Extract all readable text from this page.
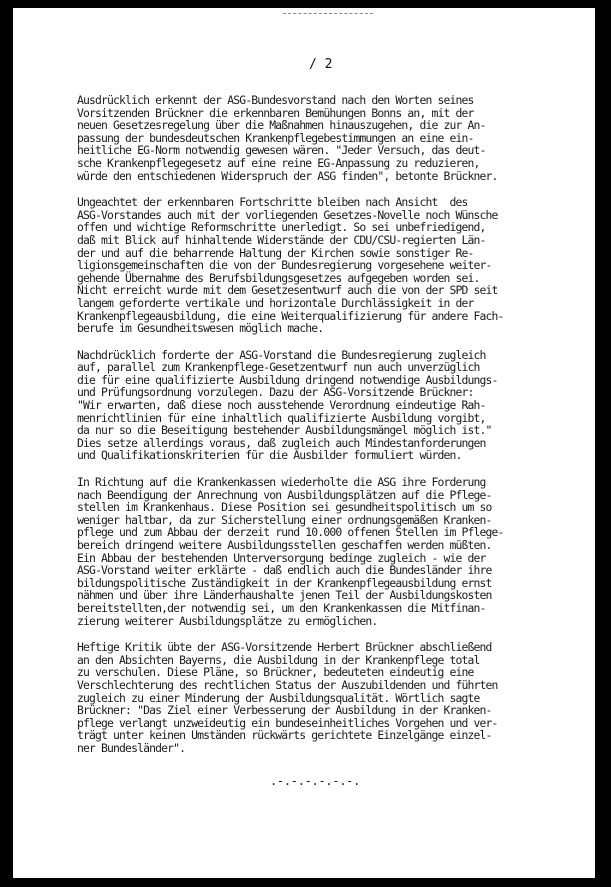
/ 2

Ausdrücklich erkennt der ASG-Bundesvorstand nach den Worten seines
Vorsitzenden Brückner die erkennbaren Bemühungen Bonns an, mit der
neuen Gesetzesregelung über die Maßnahmen hinauszugehen, die zur An-
passung der bundesdeutschen Krankenpflegebestimmungen an eine ein-
heitliche EG-Norm notwendig gewesen wären. "Jeder Versuch, das deut-
sche Krankenpflegegesetz auf eine reine EG-Anpassung zu reduzieren,
würde den entschiedenen Widerspruch der ASG finden", betonte Brückner.

Ungeachtet der erkennbaren Fortschritte bleiben nach Ansicht  des
ASG-Vorstandes auch mit der vorliegenden Gesetzes-Novelle noch Wünsche
offen und wichtige Reformschritte unerledigt. So sei unbefriedigend,
daß mit Blick auf hinhaltende Widerstände der CDU/CSU-regierten Län-
der und auf die beharrende Haltung der Kirchen sowie sonstiger Re-
ligionsgemeinschaften die von der Bundesregierung vorgesehene weiter-
gehende Übernahme des Berufsbildungsgesetzes aufgegeben worden sei.
Nicht erreicht wurde mit dem Gesetzesentwurf auch die von der SPD seit
langem geforderte vertikale und horizontale Durchlässigkeit in der
Krankenpflegeausbildung, die eine Weiterqualifizierung für andere Fach-
berufe im Gesundheitswesen möglich mache.

Nachdrücklich forderte der ASG-Vorstand die Bundesregierung zugleich
auf, parallel zum Krankenpflege-Gesetzentwurf nun auch unverzüglich
die für eine qualifizierte Ausbildung dringend notwendige Ausbildungs-
und Prüfungsordnung vorzulegen. Dazu der ASG-Vorsitzende Brückner:
"Wir erwarten, daß diese noch ausstehende Verordnung eindeutige Rah-
menrichtlinien für eine inhaltlich qualifizierte Ausbildung vorgibt,
da nur so die Beseitigung bestehender Ausbildungsmängel möglich ist."
Dies setze allerdings voraus, daß zugleich auch Mindestanforderungen
und Qualifikationskriterien für die Ausbilder formuliert würden.

In Richtung auf die Krankenkassen wiederholte die ASG ihre Forderung
nach Beendigung der Anrechnung von Ausbildungsplätzen auf die Pflege-
stellen im Krankenhaus. Diese Position sei gesundheitspolitisch um so
weniger haltbar, da zur Sicherstellung einer ordnungsgemäßen Kranken-
pflege und zum Abbau der derzeit rund 10.000 offenen Stellen im Pflege-
bereich dringend weitere Ausbildungsstellen geschaffen werden müßten.
Ein Abbau der bestehenden Unterversorgung bedinge zugleich - wie der
ASG-Vorstand weiter erklärte - daß endlich auch die Bundesländer ihre
bildungspolitische Zuständigkeit in der Krankenpflegeausbildung ernst
nähmen und über ihre Länderhaushalte jenen Teil der Ausbildungskosten
bereitstellten,der notwendig sei, um den Krankenkassen die Mitfinan-
zierung weiterer Ausbildungsplätze zu ermöglichen.

Heftige Kritik übte der ASG-Vorsitzende Herbert Brückner abschließend
an den Absichten Bayerns, die Ausbildung in der Krankenpflege total
zu verschulen. Diese Pläne, so Brückner, bedeuteten eindeutig eine
Verschlechterung des rechtlichen Status der Auszubildenden und führten
zugleich zu einer Minderung der Ausbildungsqualität. Wörtlich sagte
Brückner: "Das Ziel einer Verbesserung der Ausbildung in der Kranken-
pflege verlangt unzweideutig ein bundeseinheitliches Vorgehen und ver-
trägt unter keinen Umständen rückwärts gerichtete Einzelgänge einzel-
ner Bundesländer".

.-.-.-.-.-.-.
